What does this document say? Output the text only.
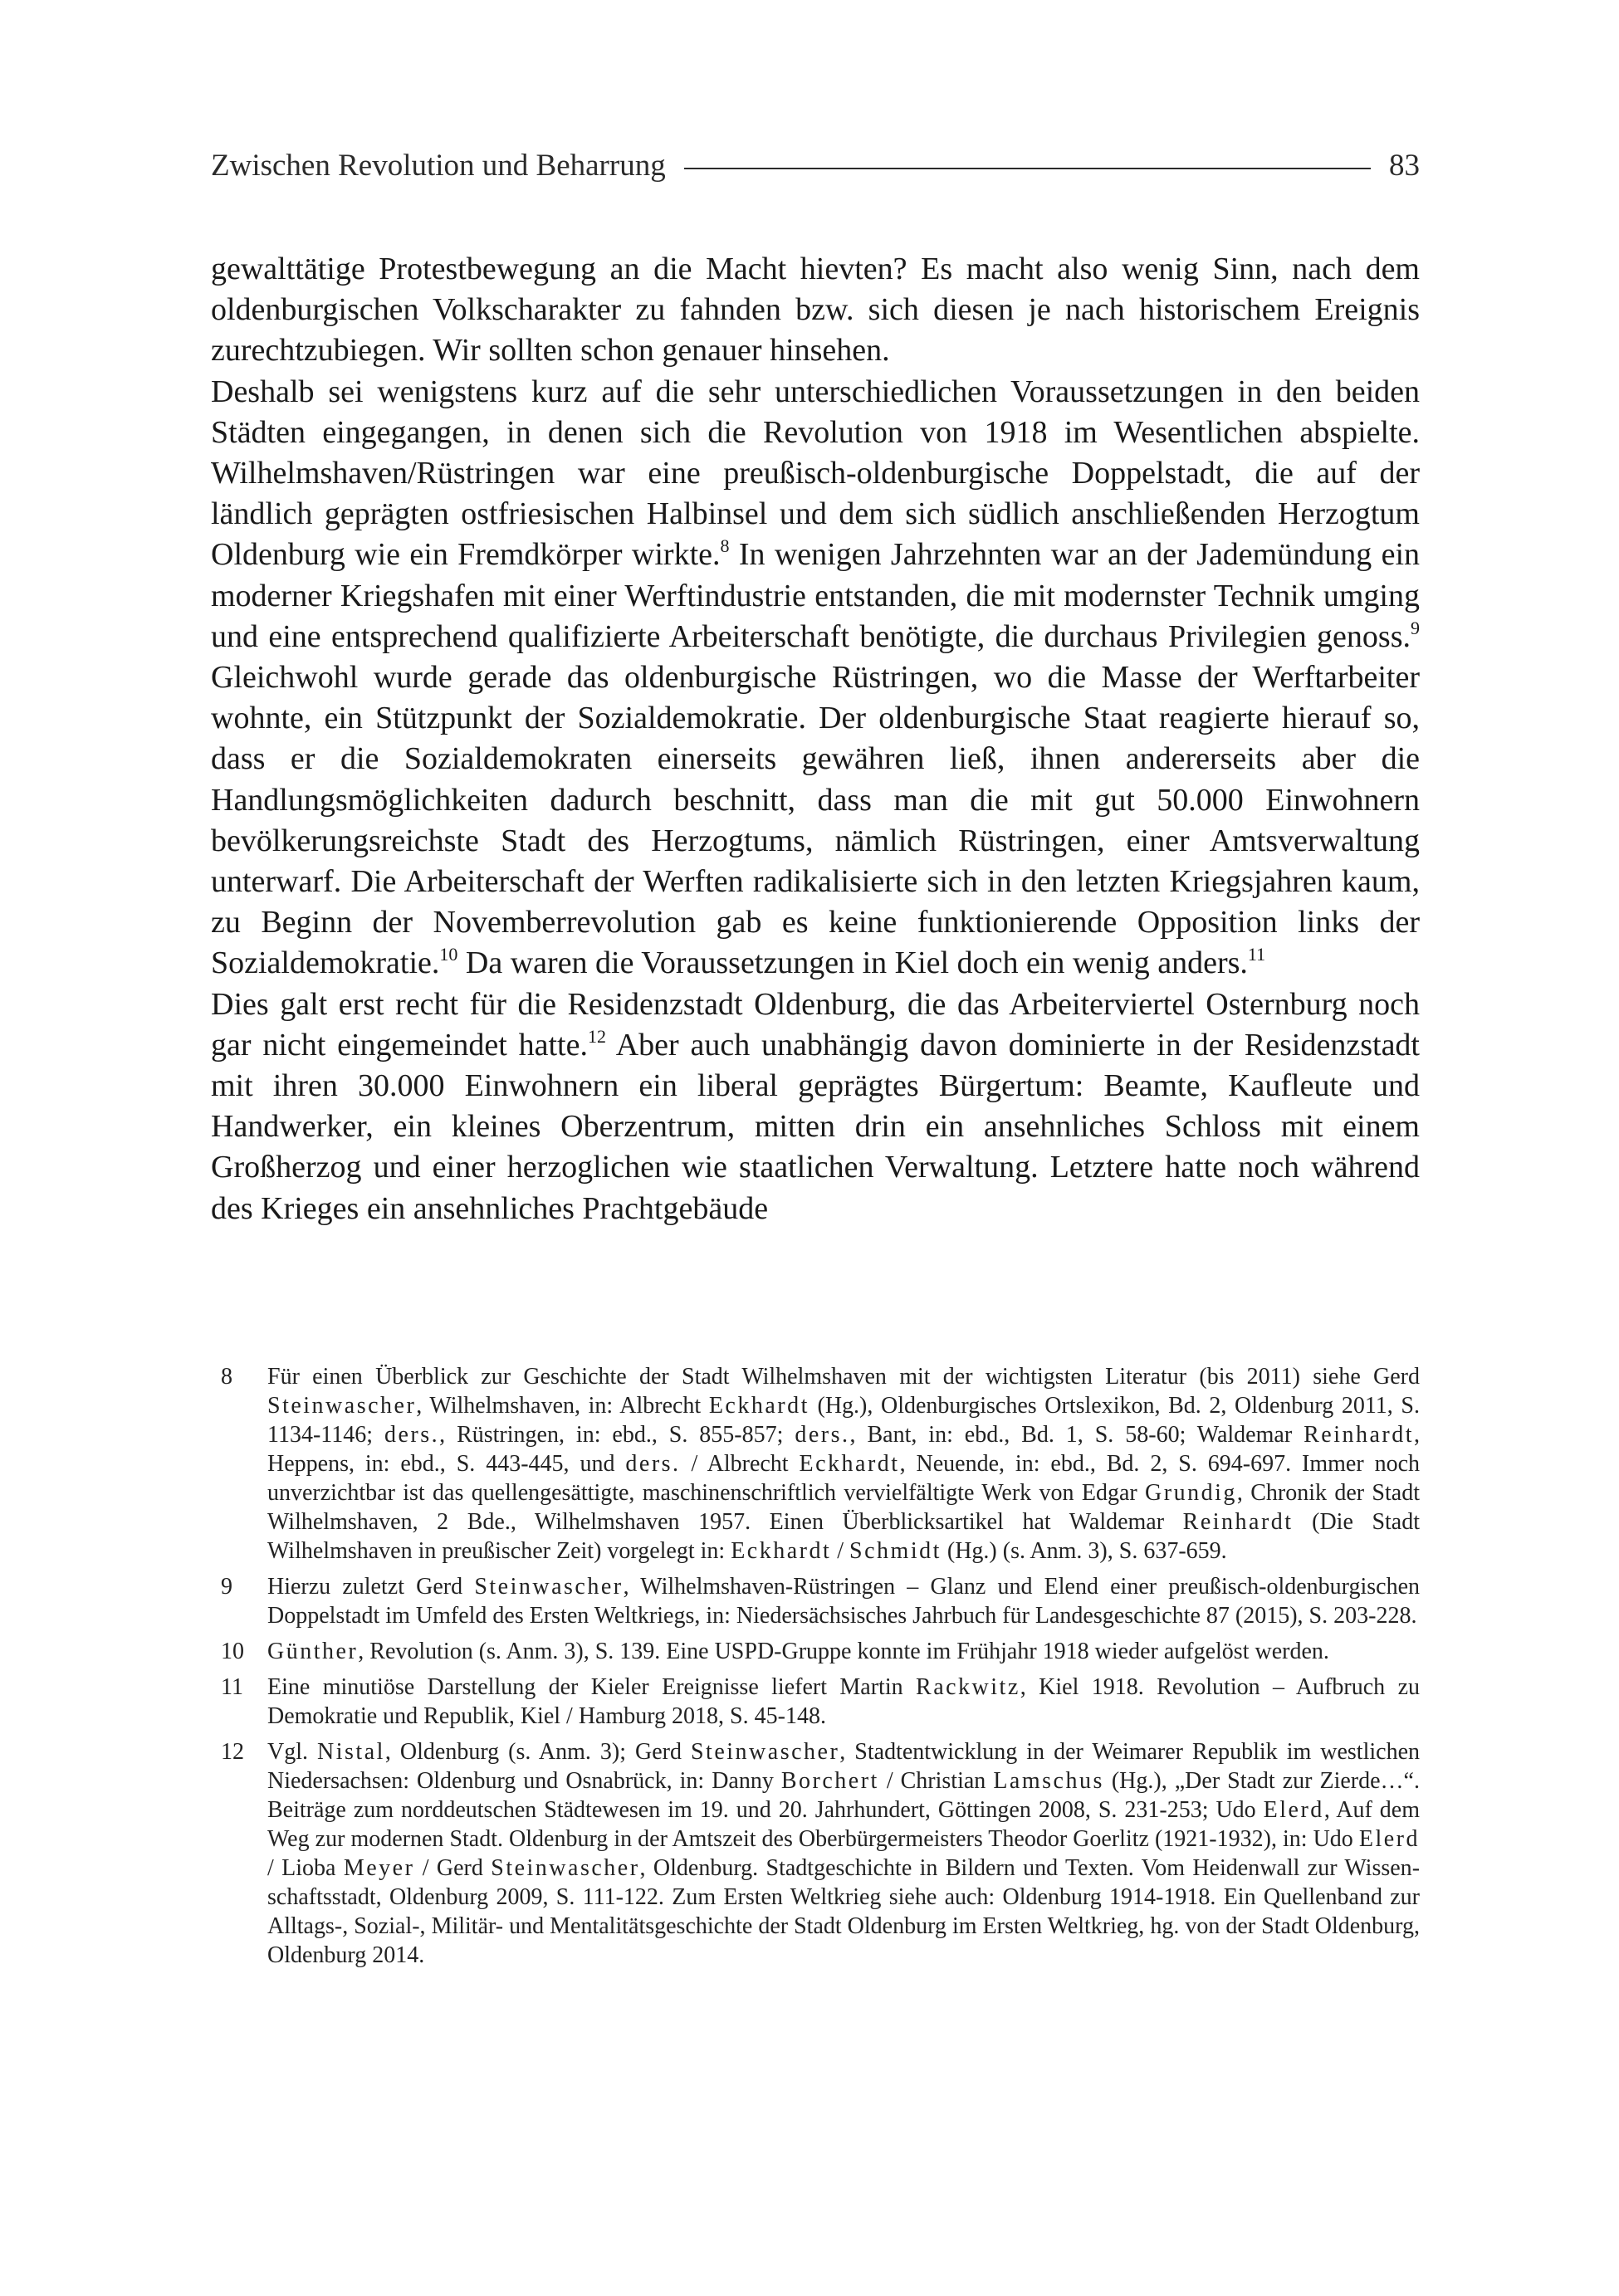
Zwischen Revolution und Beharrung	83

gewalttätige Protestbewegung an die Macht hievten? Es macht also wenig Sinn, nach dem oldenburgischen Volkscharakter zu fahnden bzw. sich diesen je nach historischem Ereignis zurechtzubiegen. Wir sollten schon genauer hinsehen.

Deshalb sei wenigstens kurz auf die sehr unterschiedlichen Voraussetzungen in den beiden Städten eingegangen, in denen sich die Revolution von 1918 im Wesentlichen abspielte. Wilhelmshaven/Rüstringen war eine preußisch-oldenburgische Doppelstadt, die auf der ländlich geprägten ostfriesischen Halbinsel und dem sich südlich anschließenden Herzogtum Oldenburg wie ein Fremdkörper wirkte.$^8$ In wenigen Jahrzehnten war an der Jademündung ein moderner Kriegshafen mit einer Werftindustrie entstanden, die mit modernster Technik umging und eine entsprechend qualifizierte Arbeiterschaft benötigte, die durchaus Privilegien genoss.$^9$ Gleichwohl wurde gerade das oldenburgische Rüstringen, wo die Masse der Werftarbeiter wohnte, ein Stützpunkt der Sozialdemokratie. Der oldenburgische Staat reagierte hierauf so, dass er die Sozialdemokraten einerseits gewähren ließ, ihnen andererseits aber die Handlungsmöglichkeiten dadurch beschnitt, dass man die mit gut 50.000 Einwohnern bevölkerungsreichste Stadt des Herzogtums, nämlich Rüstringen, einer Amtsverwaltung unterwarf. Die Arbeiterschaft der Werften radikalisierte sich in den letzten Kriegsjahren kaum, zu Beginn der Novemberrevolution gab es keine funktionierende Opposition links der Sozialdemokratie.$^{10}$ Da waren die Voraussetzungen in Kiel doch ein wenig anders.$^{11}$

Dies galt erst recht für die Residenzstadt Oldenburg, die das Arbeiterviertel Osternburg noch gar nicht eingemeindet hatte.$^{12}$ Aber auch unabhängig davon dominierte in der Residenzstadt mit ihren 30.000 Einwohnern ein liberal geprägtes Bürgertum: Beamte, Kaufleute und Handwerker, ein kleines Oberzentrum, mitten drin ein ansehnliches Schloss mit einem Großherzog und einer herzoglichen wie staatlichen Verwaltung. Letztere hatte noch während des Krieges ein ansehnliches Prachtgebäude

8	Für einen Überblick zur Geschichte der Stadt Wilhelmshaven mit der wichtigsten Literatur (bis 2011) siehe Gerd Steinwascher, Wilhelmshaven, in: Albrecht Eckhardt (Hg.), Oldenburgisches Ortslexikon, Bd. 2, Oldenburg 2011, S. 1134-1146; ders., Rüstringen, in: ebd., S. 855-857; ders., Bant, in: ebd., Bd. 1, S. 58-60; Waldemar Reinhardt, Heppens, in: ebd., S. 443-445, und ders. / Albrecht Eckhardt, Neuende, in: ebd., Bd. 2, S. 694-697. Immer noch unverzichtbar ist das quellengesättigte, maschinenschriftlich vervielfältigte Werk von Edgar Grundig, Chronik der Stadt Wilhelmshaven, 2 Bde., Wilhelmshaven 1957. Einen Überblicksartikel hat Waldemar Reinhardt (Die Stadt Wilhelmshaven in preußischer Zeit) vorgelegt in: Eckhardt / Schmidt (Hg.) (s. Anm. 3), S. 637-659.
9	Hierzu zuletzt Gerd Steinwascher, Wilhelmshaven-Rüstringen – Glanz und Elend einer preußisch-oldenburgischen Doppelstadt im Umfeld des Ersten Weltkriegs, in: Niedersächsisches Jahrbuch für Landesgeschichte 87 (2015), S. 203-228.
10	Günther, Revolution (s. Anm. 3), S. 139. Eine USPD-Gruppe konnte im Frühjahr 1918 wieder aufgelöst werden.
11	Eine minutiöse Darstellung der Kieler Ereignisse liefert Martin Rackwitz, Kiel 1918. Revolution – Aufbruch zu Demokratie und Republik, Kiel / Hamburg 2018, S. 45-148.
12	Vgl. Nistal, Oldenburg (s. Anm. 3); Gerd Steinwascher, Stadtentwicklung in der Weimarer Republik im westlichen Niedersachsen: Oldenburg und Osnabrück, in: Danny Borchert / Christian Lamschus (Hg.), „Der Stadt zur Zierde…“. Beiträge zum norddeutschen Städtewesen im 19. und 20. Jahrhundert, Göttingen 2008, S. 231-253; Udo Elerd, Auf dem Weg zur modernen Stadt. Oldenburg in der Amtszeit des Oberbürgermeisters Theodor Goerlitz (1921-1932), in: Udo Elerd / Lioba Meyer / Gerd Steinwascher, Oldenburg. Stadtgeschichte in Bildern und Texten. Vom Heidenwall zur Wissenschaftsstadt, Oldenburg 2009, S. 111-122. Zum Ersten Weltkrieg siehe auch: Oldenburg 1914-1918. Ein Quellenband zur Alltags-, Sozial-, Militär- und Mentalitätsgeschichte der Stadt Oldenburg im Ersten Weltkrieg, hg. von der Stadt Oldenburg, Oldenburg 2014.
